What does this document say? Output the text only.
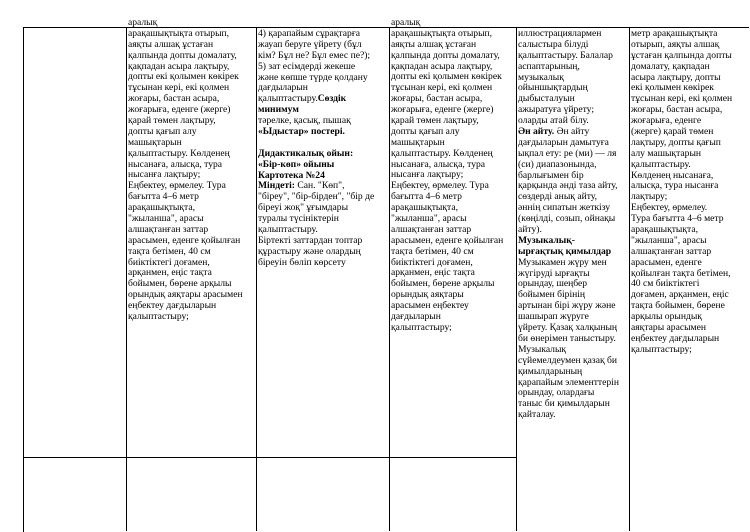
аралық
арақашықтықта отырып,
аяқты алшақ ұстаған
қалпында допты домалату,
қақпадан асыра лақтыру,
допты екі қолымен көкірек
тұсынан кері, екі қолмен
жоғары, бастан асыра,
жоғарыға, еденге (жерге)
қарай төмен лақтыру,
допты қағып алу
машықтарын
қалыптастыру. Көлденең
нысанаға, алысқа, тура
нысанға лақтыру;
Еңбектеу, өрмелеу. Тура
бағытта 4–6 метр
арақашықтықта,
"жыланша", арасы
алшақтанған заттар
арасымен, еденге қойылған
тақта бетімен, 40 см
биіктіктегі доғамен,
арқанмен, еңіс тақта
бойымен, бөрене арқылы
орындық аяқтары арасымен
еңбектеу дағдыларын
қалыптастыру;
4) қарапайым сұрақтарға
жауап беруге үйрету (бұл
кім? Бұл не? Бұл емес пе?);
5) зат есімдерді жекеше
және көпше түрде қолдану
дағдыларын
қалыптастыру.Сөздік
минимум
тәрелке, қасық, пышақ
«Ыдыстар» постері.
Дидактикалық ойын:
«Бір-көп» ойыны
Картотека №24
Міндеті: Сан. "Көп",
"біреу", "бір-бірден", "бір де
біреуі жоқ" ұғымдары
туралы түсініктерін
қалыптастыру.
Біртекті заттардан топтар
құрастыру және олардың
біреуін бөліп көрсету
аралық
арақашықтықта отырып,
аяқты алшақ ұстаған
қалпында допты домалату,
қақпадан асыра лақтыру,
допты екі қолымен көкірек
тұсынан кері, екі қолмен
жоғары, бастан асыра,
жоғарыға, еденге (жерге)
қарай төмен лақтыру,
допты қағып алу
машықтарын
қалыптастыру. Көлденең
нысанаға, алысқа, тура
нысанға лақтыру;
Еңбектеу, өрмелеу. Тура
бағытта 4–6 метр
арақашықтықта,
"жыланша", арасы
алшақтанған заттар
арасымен, еденге қойылған
тақта бетімен, 40 см
биіктіктегі доғамен,
арқанмен, еңіс тақта
бойымен, бөрене арқылы
орындық аяқтары
арасымен еңбектеу
дағдыларын
қалыптастыру;
иллюстрациялармен
салыстыра білуді
қалыптастыру. Балалар
аспаптарының,
музыкалық
ойыншықтардың
дыбысталуын
ажыратуға үйрету;
оларды атай білу.
Ән айту. Ән айту
дағдыларын дамытуға
ықпал ету: ре (ми) — ля
(си) диапазонында,
барлығымен бір
қарқында әнді таза айту,
сөздерді анық айту,
әннің сипатын жеткізу
(көңілді, созып, ойнақы
айту).
Музыкалық-
ырғақтық қимылдар
Музыкамен жүру мен
жүгіруді ырғақты
орындау, шеңбер
бойымен бірінің
артынан бірі жүру және
шашырап жүруге
үйрету. Қазақ халқының
би өнерімен таныстыру.
Музыкалық
сүйемелдеумен қазақ би
қимылдарының
қарапайым элементтерін
орындау, олардағы
таныс би қимылдарын
қайталау.
метр арақашықтықта
отырып, аяқты алшақ
ұстаған қалпында допты
домалату, қақпадан
асыра лақтыру, допты
екі қолымен көкірек
тұсынан кері, екі қолмен
жоғары, бастан асыра,
жоғарыға, еденге
(жерге) қарай төмен
лақтыру, допты қағып
алу машықтарын
қалыптастыру.
Көлденең нысанаға,
алысқа, тура нысанға
лақтыру;
Еңбектеу, өрмелеу.
Тура бағытта 4–6 метр
арақашықтықта,
"жыланша", арасы
алшақтанған заттар
арасымен, еденге
қойылған тақта бетімен,
40 см биіктіктегі
доғамен, арқанмен, еңіс
тақта бойымен, бөрене
арқылы орындық
аяқтары арасымен
еңбектеу дағдыларын
қалыптастыру;
